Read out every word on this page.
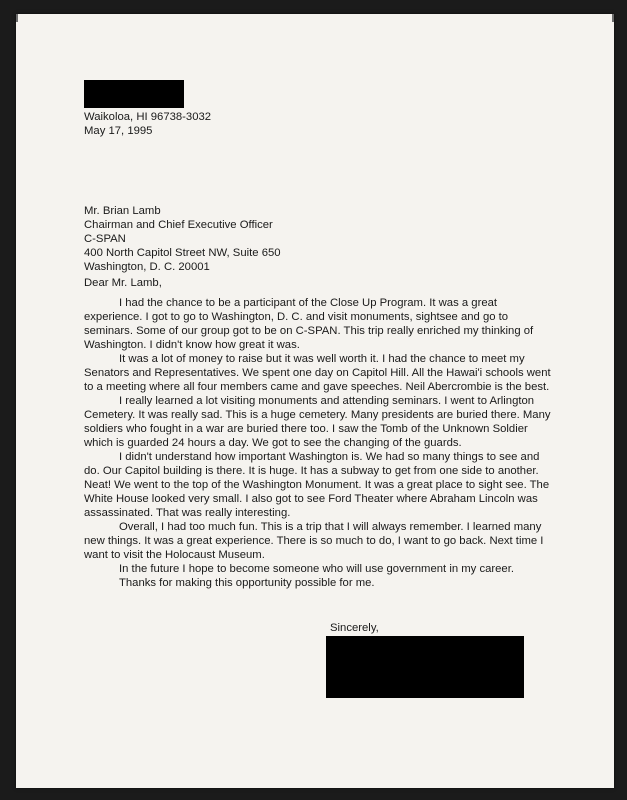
Waikoloa, HI 96738-3032
May 17, 1995
Mr. Brian Lamb
Chairman and Chief Executive Officer
C-SPAN
400 North Capitol Street NW, Suite 650
Washington, D. C. 20001
Dear Mr. Lamb,
I had the chance to be a participant of the Close Up Program. It was a great experience. I got to go to Washington, D. C. and visit monuments, sightsee and go to seminars. Some of our group got to be on C-SPAN. This trip really enriched my thinking of Washington. I didn't know how great it was.
It was a lot of money to raise but it was well worth it. I had the chance to meet my Senators and Representatives. We spent one day on Capitol Hill. All the Hawai'i schools went to a meeting where all four members came and gave speeches. Neil Abercrombie is the best.
I really learned a lot visiting monuments and attending seminars. I went to Arlington Cemetery. It was really sad. This is a huge cemetery. Many presidents are buried there. Many soldiers who fought in a war are buried there too. I saw the Tomb of the Unknown Soldier which is guarded 24 hours a day. We got to see the changing of the guards.
I didn't understand how important Washington is. We had so many things to see and do. Our Capitol building is there. It is huge. It has a subway to get from one side to another. Neat! We went to the top of the Washington Monument. It was a great place to sight see. The White House looked very small. I also got to see Ford Theater where Abraham Lincoln was assassinated. That was really interesting.
Overall, I had too much fun. This is a trip that I will always remember. I learned many new things. It was a great experience. There is so much to do, I want to go back. Next time I want to visit the Holocaust Museum.
In the future I hope to become someone who will use government in my career.
Thanks for making this opportunity possible for me.
Sincerely,
